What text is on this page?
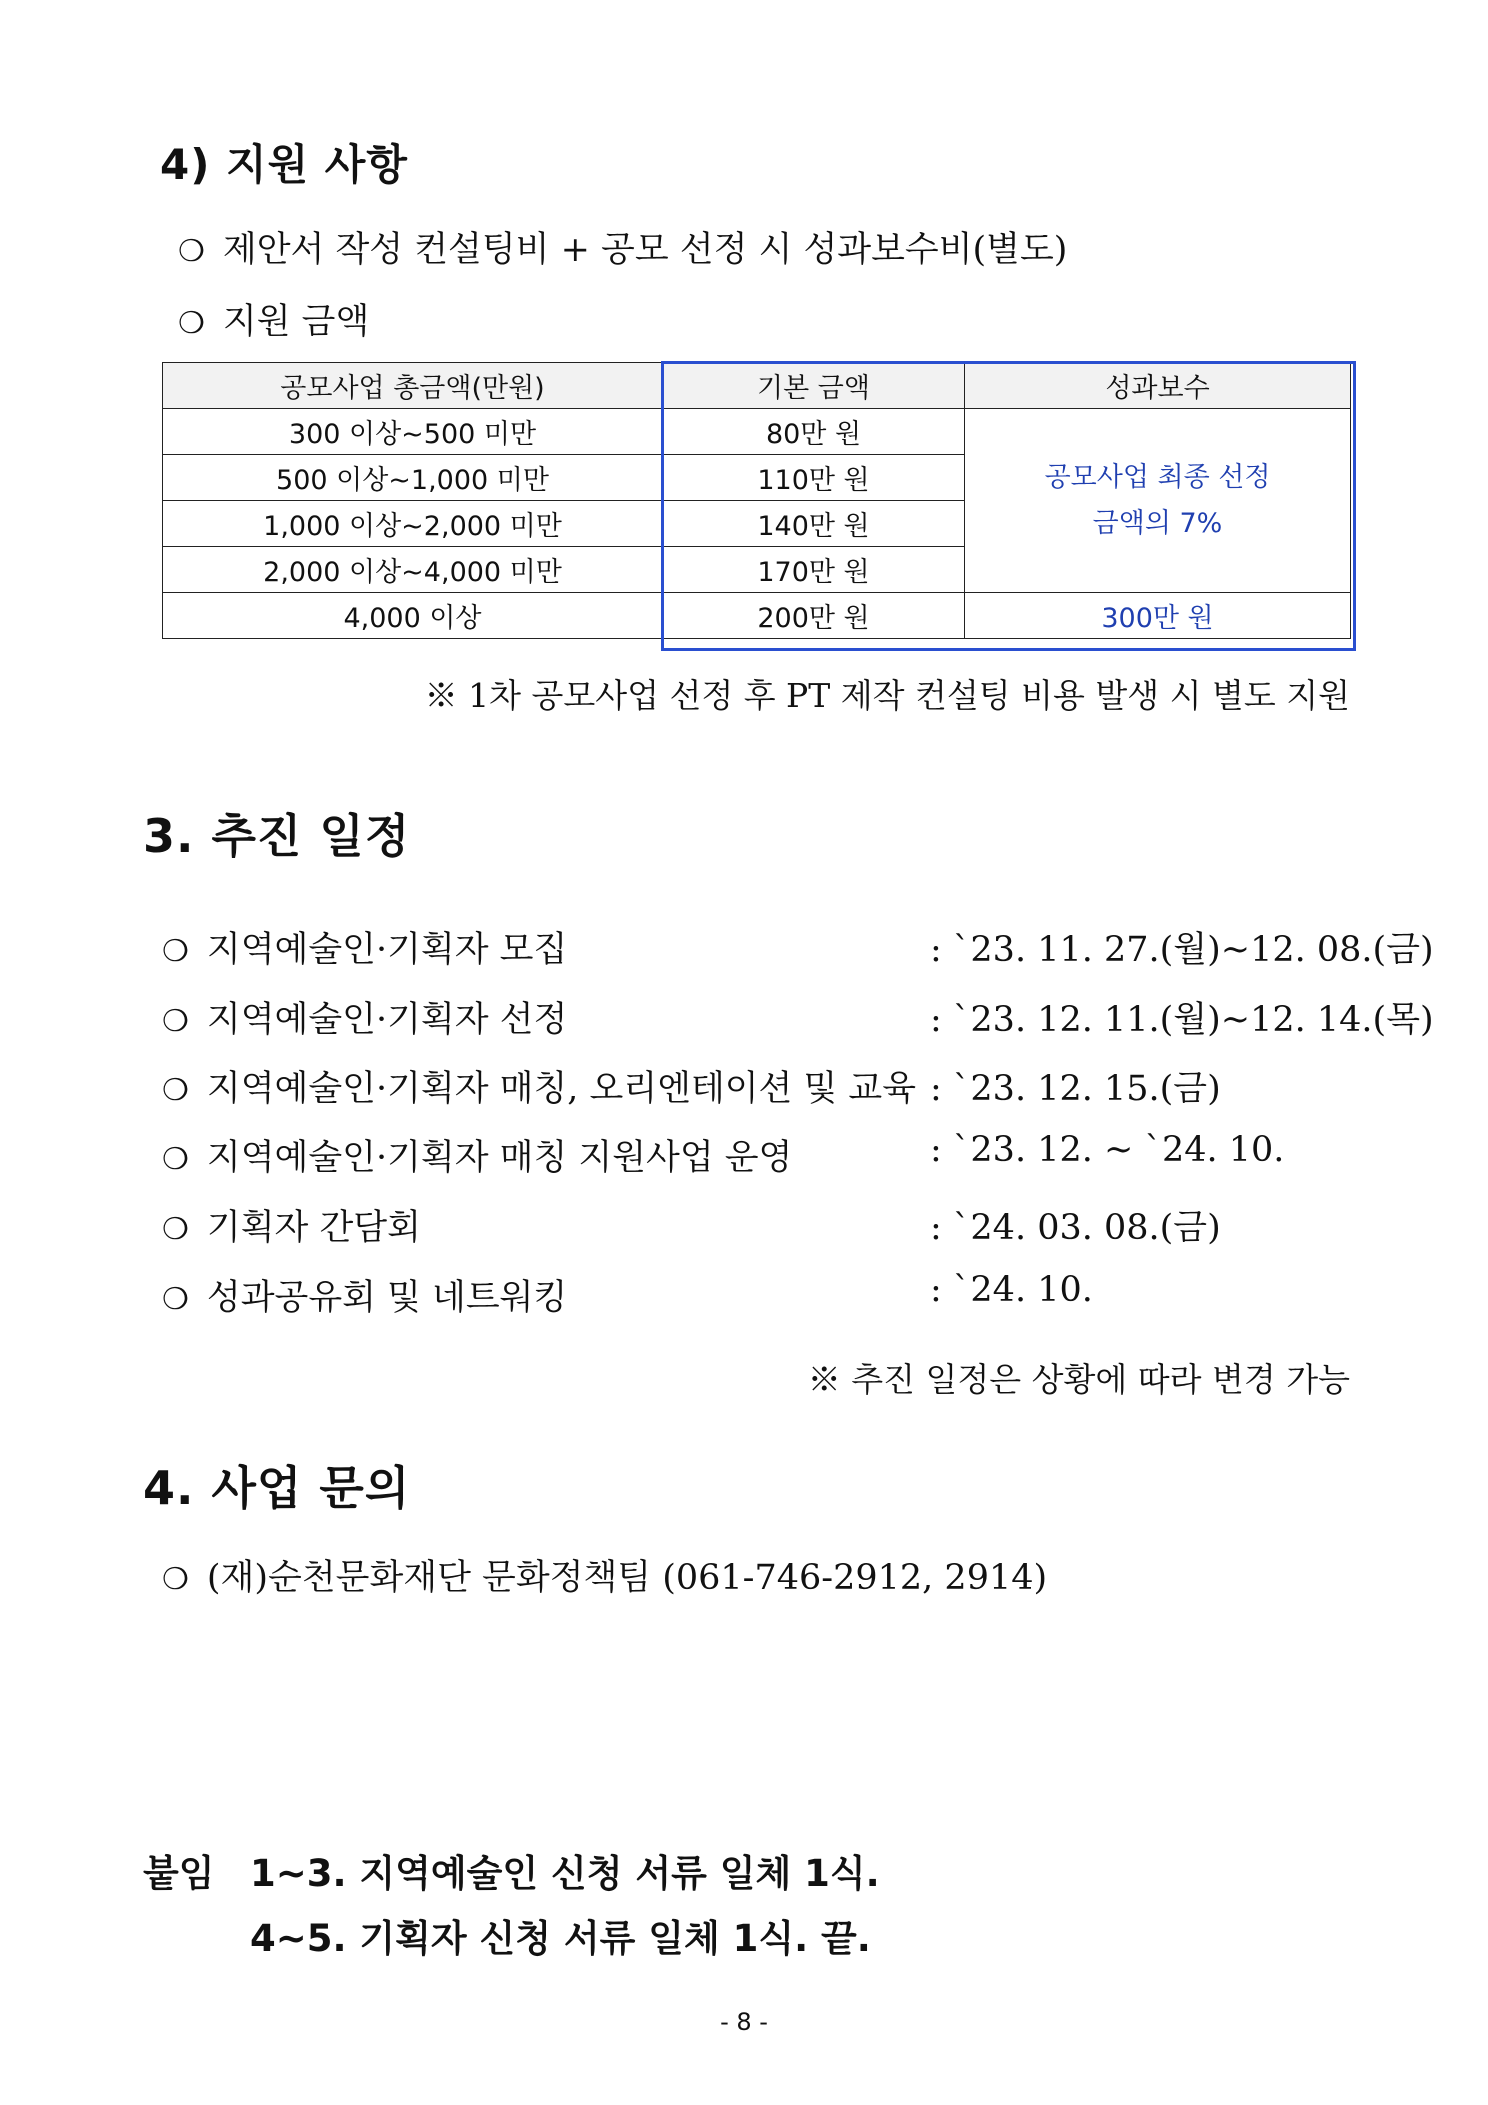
4) 지원 사항
❍ 제안서 작성 컨설팅비 + 공모 선정 시 성과보수비(별도)
❍ 지원 금액
공모사업 총금액(만원)	기본 금액	성과보수
300 이상~500 미만	80만 원	공모사업 최종 선정
금액의 7%

500 이상~1,000 미만	110만 원	
1,000 이상~2,000 미만	140만 원	
2,000 이상~4,000 미만	170만 원	
4,000 이상	200만 원	300만 원
※ 1차 공모사업 선정 후 PT 제작 컨설팅 비용 발생 시 별도 지원
3. 추진 일정
❍ 지역예술인·기획자 모집	: `23. 11. 27.(월)~12. 08.(금)
❍ 지역예술인·기획자 선정	: `23. 12. 11.(월)~12. 14.(목)
❍ 지역예술인·기획자 매칭, 오리엔테이션 및 교육 : `23. 12. 15.(금)
❍ 지역예술인·기획자 매칭 지원사업 운영	: `23. 12. ~ `24. 10.
❍ 기획자 간담회	: `24. 03. 08.(금)
❍ 성과공유회 및 네트워킹	: `24. 10.
※ 추진 일정은 상황에 따라 변경 가능
4. 사업 문의
❍ (재)순천문화재단 문화정책팀 (061-746-2912, 2914)
붙임 1~3. 지역예술인 신청 서류 일체 1식.
4~5. 기획자 신청 서류 일체 1식. 끝.
- 8 -
